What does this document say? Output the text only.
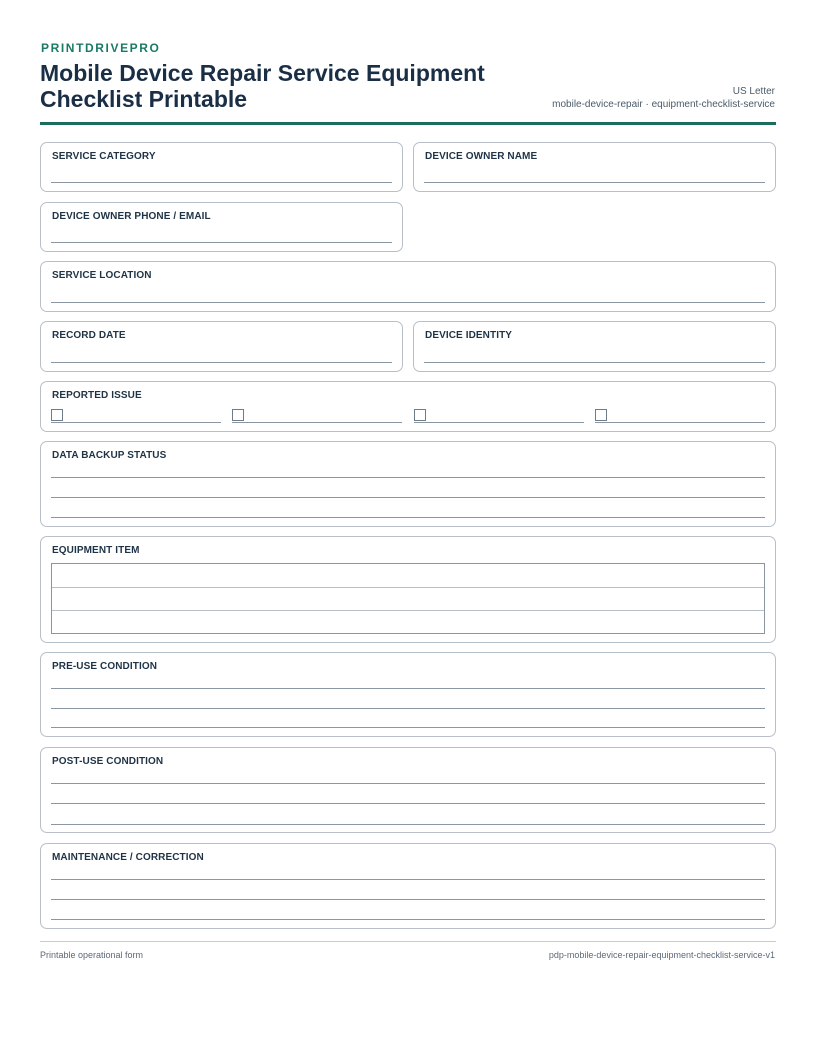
PRINTDRIVEPRO
Mobile Device Repair Service Equipment Checklist Printable	US Letter
mobile-device-repair · equipment-checklist-service
SERVICE CATEGORY	DEVICE OWNER NAME
DEVICE OWNER PHONE / EMAIL
SERVICE LOCATION
RECORD DATE	DEVICE IDENTITY
REPORTED ISSUE
DATA BACKUP STATUS
EQUIPMENT ITEM
PRE-USE CONDITION
POST-USE CONDITION
MAINTENANCE / CORRECTION
Printable operational form	pdp-mobile-device-repair-equipment-checklist-service-v1
